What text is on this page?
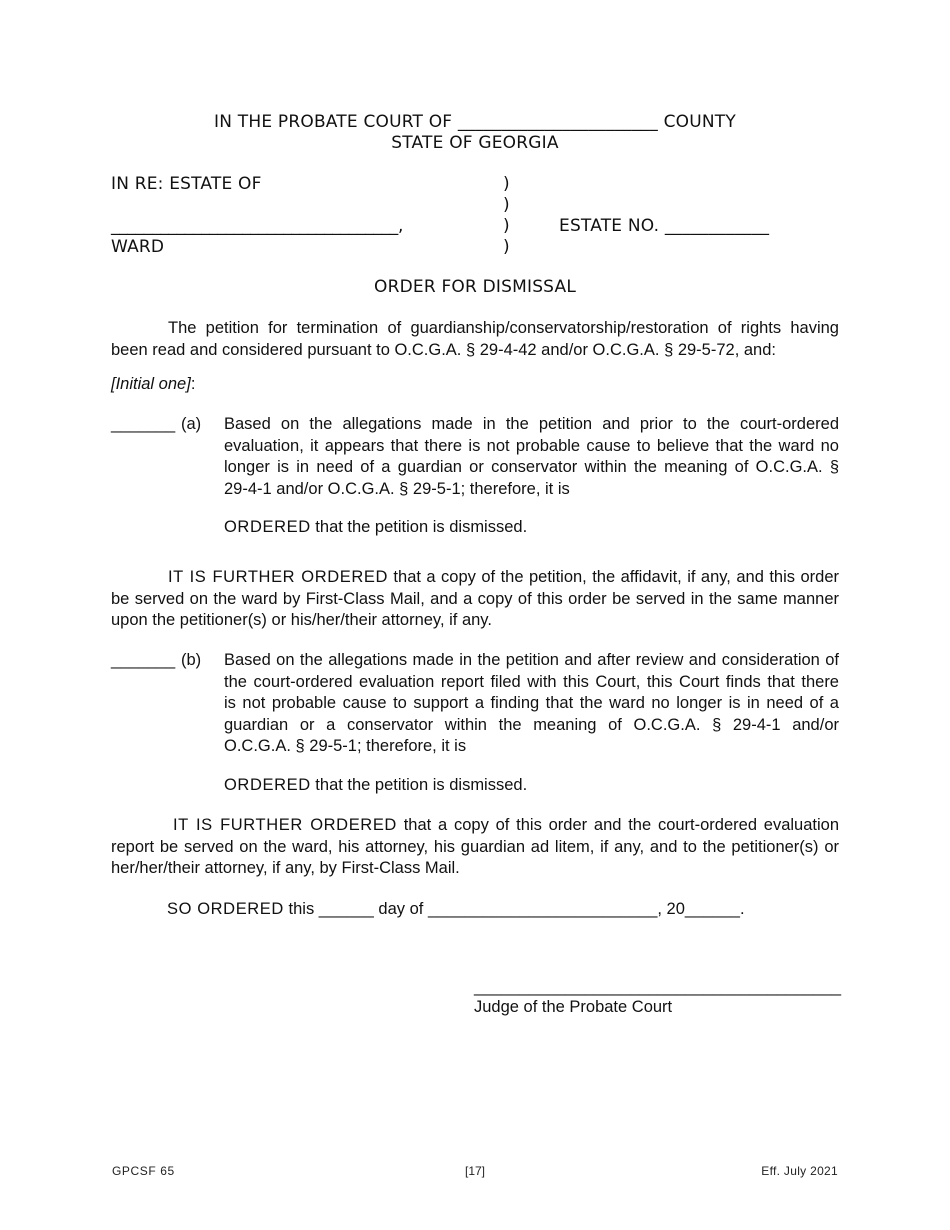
IN THE PROBATE COURT OF _______________________ COUNTY
STATE OF GEORGIA
IN RE: ESTATE OF
___________________________________,
WARD
)
)
)
)
ESTATE NO. ____________
ORDER FOR DISMISSAL
The petition for termination of guardianship/conservatorship/restoration of rights having
been read and considered pursuant to O.C.G.A. § 29-4-42 and/or O.C.G.A. § 29-5-72, and:
[Initial one]:
_______ (a) Based on the allegations made in the petition and prior to the court-ordered
evaluation, it appears that there is not probable cause to believe that the ward no
longer is in need of a guardian or conservator within the meaning of O.C.G.A. §
29-4-1 and/or O.C.G.A. § 29-5-1; therefore, it is
ORDERED that the petition is dismissed.
IT IS FURTHER ORDERED that a copy of the petition, the affidavit, if any, and this order
be served on the ward by First-Class Mail, and a copy of this order be served in the same manner
upon the petitioner(s) or his/her/their attorney, if any.
_______ (b) Based on the allegations made in the petition and after review and consideration of
the court-ordered evaluation report filed with this Court, this Court finds that there
is not probable cause to support a finding that the ward no longer is in need of a
guardian or a conservator within the meaning of O.C.G.A. § 29-4-1 and/or
O.C.G.A. § 29-5-1; therefore, it is
ORDERED that the petition is dismissed.
IT IS FURTHER ORDERED that a copy of this order and the court-ordered evaluation
report be served on the ward, his attorney, his guardian ad litem, if any, and to the petitioner(s) or
her/her/their attorney, if any, by First-Class Mail.
SO ORDERED this ______ day of _________________________, 20______.
________________________________________
Judge of the Probate Court
GPCSF 65	[17]	Eff. July 2021
